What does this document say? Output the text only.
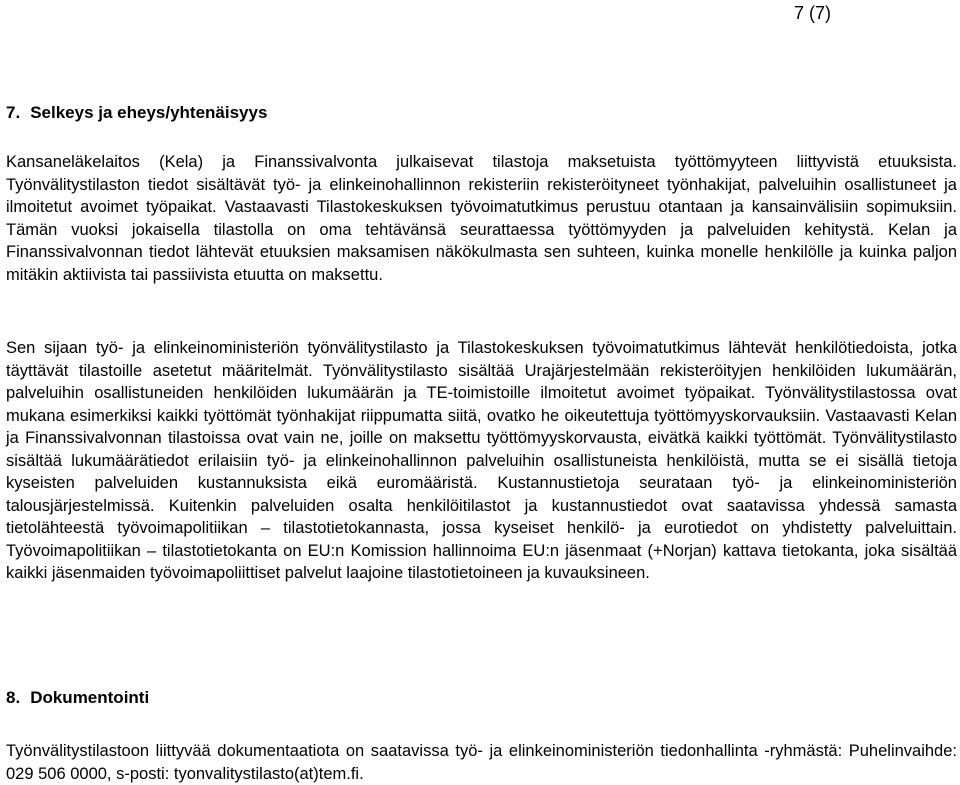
7 (7)
7. Selkeys ja eheys/yhtenäisyys

Kansaneläkelaitos (Kela) ja Finanssivalvonta julkaisevat tilastoja maksetuista työttömyyteen liittyvistä etuuksista. Työnvälitystilaston tiedot sisältävät työ- ja elinkeinohallinnon rekisteriin rekisteröityneet työnhakijat, palveluihin osallistuneet ja ilmoitetut avoimet työpaikat. Vastaavasti Tilastokeskuksen työvoimatutkimus perustuu otantaan ja kansainvälisiin sopimuksiin. Tämän vuoksi jokaisella tilastolla on oma tehtävänsä seurattaessa työttömyyden ja palveluiden kehitystä. Kelan ja Finanssivalvonnan tiedot lähtevät etuuksien maksamisen näkökulmasta sen suhteen, kuinka monelle henkilölle ja kuinka paljon mitäkin aktiivista tai passiivista etuutta on maksettu.

Sen sijaan työ- ja elinkeinoministeriön työnvälitystilasto ja Tilastokeskuksen työvoimatutkimus lähtevät henkilötiedoista, jotka täyttävät tilastoille asetetut määritelmät. Työnvälitystilasto sisältää Urajärjestelmään rekisteröityjen henkilöiden lukumäärän, palveluihin osallistuneiden henkilöiden lukumäärän ja TE-toimistoille ilmoitetut avoimet työpaikat. Työnvälitystilastossa ovat mukana esimerkiksi kaikki työttömät työnhakijat riippumatta siitä, ovatko he oikeutettuja työttömyyskorvauksiin. Vastaavasti Kelan ja Finanssivalvonnan tilastoissa ovat vain ne, joille on maksettu työttömyyskorvausta, eivätkä kaikki työttömät. Työnvälitystilasto sisältää lukumäärätiedot erilaisiin työ- ja elinkeinohallinnon palveluihin osallistuneista henkilöistä, mutta se ei sisällä tietoja kyseisten palveluiden kustannuksista eikä euromääristä. Kustannustietoja seurataan työ- ja elinkeinoministeriön talousjärjestelmissä. Kuitenkin palveluiden osalta henkilöitilastot ja kustannustiedot ovat saatavissa yhdessä samasta tietolähteestä työvoimapolitiikan – tilastotietokannasta, jossa kyseiset henkilö- ja eurotiedot on yhdistetty palveluittain. Työvoimapolitiikan – tilastotietokanta on EU:n Komission hallinnoima EU:n jäsenmaat (+Norjan) kattava tietokanta, joka sisältää kaikki jäsenmaiden työvoimapoliittiset palvelut laajoine tilastotietoineen ja kuvauksineen.

8. Dokumentointi

Työnvälitystilastoon liittyvää dokumentaatiota on saatavissa työ- ja elinkeinoministeriön tiedonhallinta -ryhmästä: Puhelinvaihde: 029 506 0000, s-posti: tyonvalitystilasto(at)tem.fi.
